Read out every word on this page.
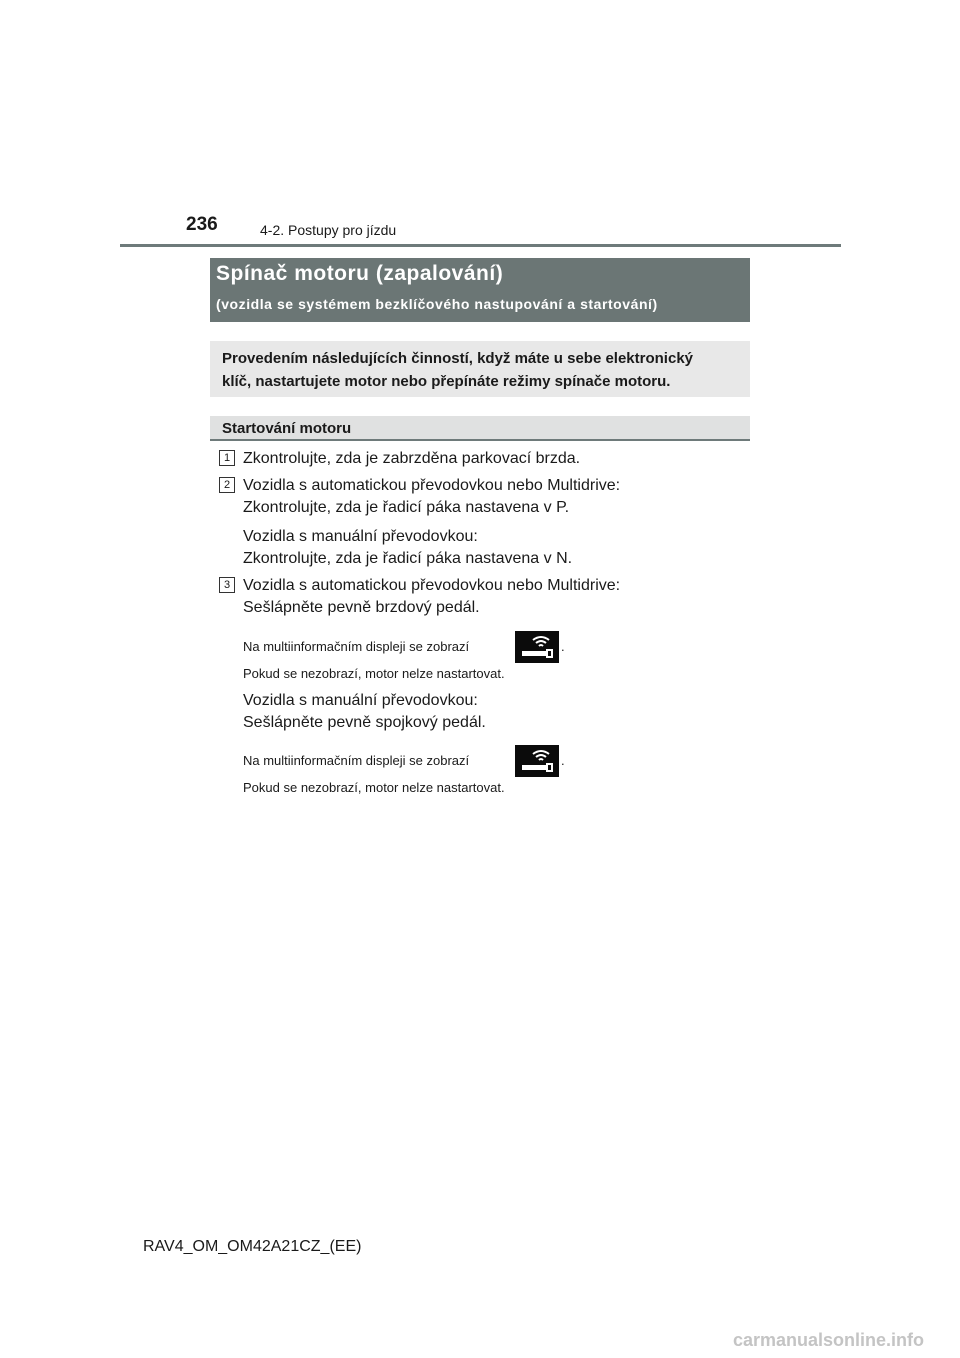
236	4-2. Postupy pro jízdu
Spínač motoru (zapalování)
(vozidla se systémem bezklíčového nastupování a startování)
Provedením následujících činností, když máte u sebe elektronický
klíč, nastartujete motor nebo přepínáte režimy spínače motoru.
Startování motoru
1 Zkontrolujte, zda je zabrzděna parkovací brzda.
2 Vozidla s automatickou převodovkou nebo Multidrive:
Zkontrolujte, zda je řadicí páka nastavena v P.
Vozidla s manuální převodovkou:
Zkontrolujte, zda je řadicí páka nastavena v N.
3 Vozidla s automatickou převodovkou nebo Multidrive:
Sešlápněte pevně brzdový pedál.
Na multiinformačním displeji se zobrazí	.
Pokud se nezobrazí, motor nelze nastartovat.
Vozidla s manuální převodovkou:
Sešlápněte pevně spojkový pedál.
Na multiinformačním displeji se zobrazí	.
Pokud se nezobrazí, motor nelze nastartovat.
RAV4_OM_OM42A21CZ_(EE)
carmanualsonline.info
